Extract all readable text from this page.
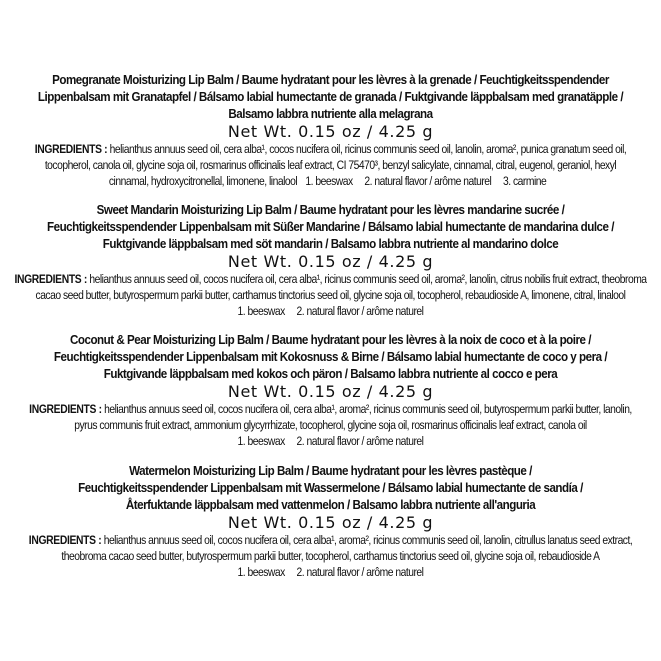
Pomegranate Moisturizing Lip Balm / Baume hydratant pour les lèvres à la grenade / Feuchtigkeitsspendender
Lippenbalsam mit Granatapfel / Bálsamo labial humectante de granada / Fuktgivande läppbalsam med granatäpple /
Balsamo labbra nutriente alla melagrana
Net Wt. 0.15 oz / 4.25 g
INGREDIENTS : helianthus annuus seed oil, cera alba¹, cocos nucifera oil, ricinus communis seed oil, lanolin, aroma², punica granatum seed oil,
tocopherol, canola oil, glycine soja oil, rosmarinus officinalis leaf extract, CI 75470³, benzyl salicylate, cinnamal, citral, eugenol, geraniol, hexyl
cinnamal, hydroxycitronellal, limonene, linalool 1. beeswax 2. natural flavor / arôme naturel 3. carmine
Sweet Mandarin Moisturizing Lip Balm / Baume hydratant pour les lèvres mandarine sucrée /
Feuchtigkeitsspendender Lippenbalsam mit Süßer Mandarine / Bálsamo labial humectante de mandarina dulce /
Fuktgivande läppbalsam med söt mandarin / Balsamo labbra nutriente al mandarino dolce
Net Wt. 0.15 oz / 4.25 g
INGREDIENTS : helianthus annuus seed oil, cocos nucifera oil, cera alba¹, ricinus communis seed oil, aroma², lanolin, citrus nobilis fruit extract, theobroma
cacao seed butter, butyrospermum parkii butter, carthamus tinctorius seed oil, glycine soja oil, tocopherol, rebaudioside A, limonene, citral, linalool
1. beeswax 2. natural flavor / arôme naturel
Coconut & Pear Moisturizing Lip Balm / Baume hydratant pour les lèvres à la noix de coco et à la poire /
Feuchtigkeitsspendender Lippenbalsam mit Kokosnuss & Birne / Bálsamo labial humectante de coco y pera /
Fuktgivande läppbalsam med kokos och päron / Balsamo labbra nutriente al cocco e pera
Net Wt. 0.15 oz / 4.25 g
INGREDIENTS : helianthus annuus seed oil, cocos nucifera oil, cera alba¹, aroma², ricinus communis seed oil, butyrospermum parkii butter, lanolin,
pyrus communis fruit extract, ammonium glycyrrhizate, tocopherol, glycine soja oil, rosmarinus officinalis leaf extract, canola oil
1. beeswax 2. natural flavor / arôme naturel
Watermelon Moisturizing Lip Balm / Baume hydratant pour les lèvres pastèque /
Feuchtigkeitsspendender Lippenbalsam mit Wassermelone / Bálsamo labial humectante de sandía /
Återfuktande läppbalsam med vattenmelon / Balsamo labbra nutriente all'anguria
Net Wt. 0.15 oz / 4.25 g
INGREDIENTS : helianthus annuus seed oil, cocos nucifera oil, cera alba¹, aroma², ricinus communis seed oil, lanolin, citrullus lanatus seed extract,
theobroma cacao seed butter, butyrospermum parkii butter, tocopherol, carthamus tinctorius seed oil, glycine soja oil, rebaudioside A
1. beeswax 2. natural flavor / arôme naturel
